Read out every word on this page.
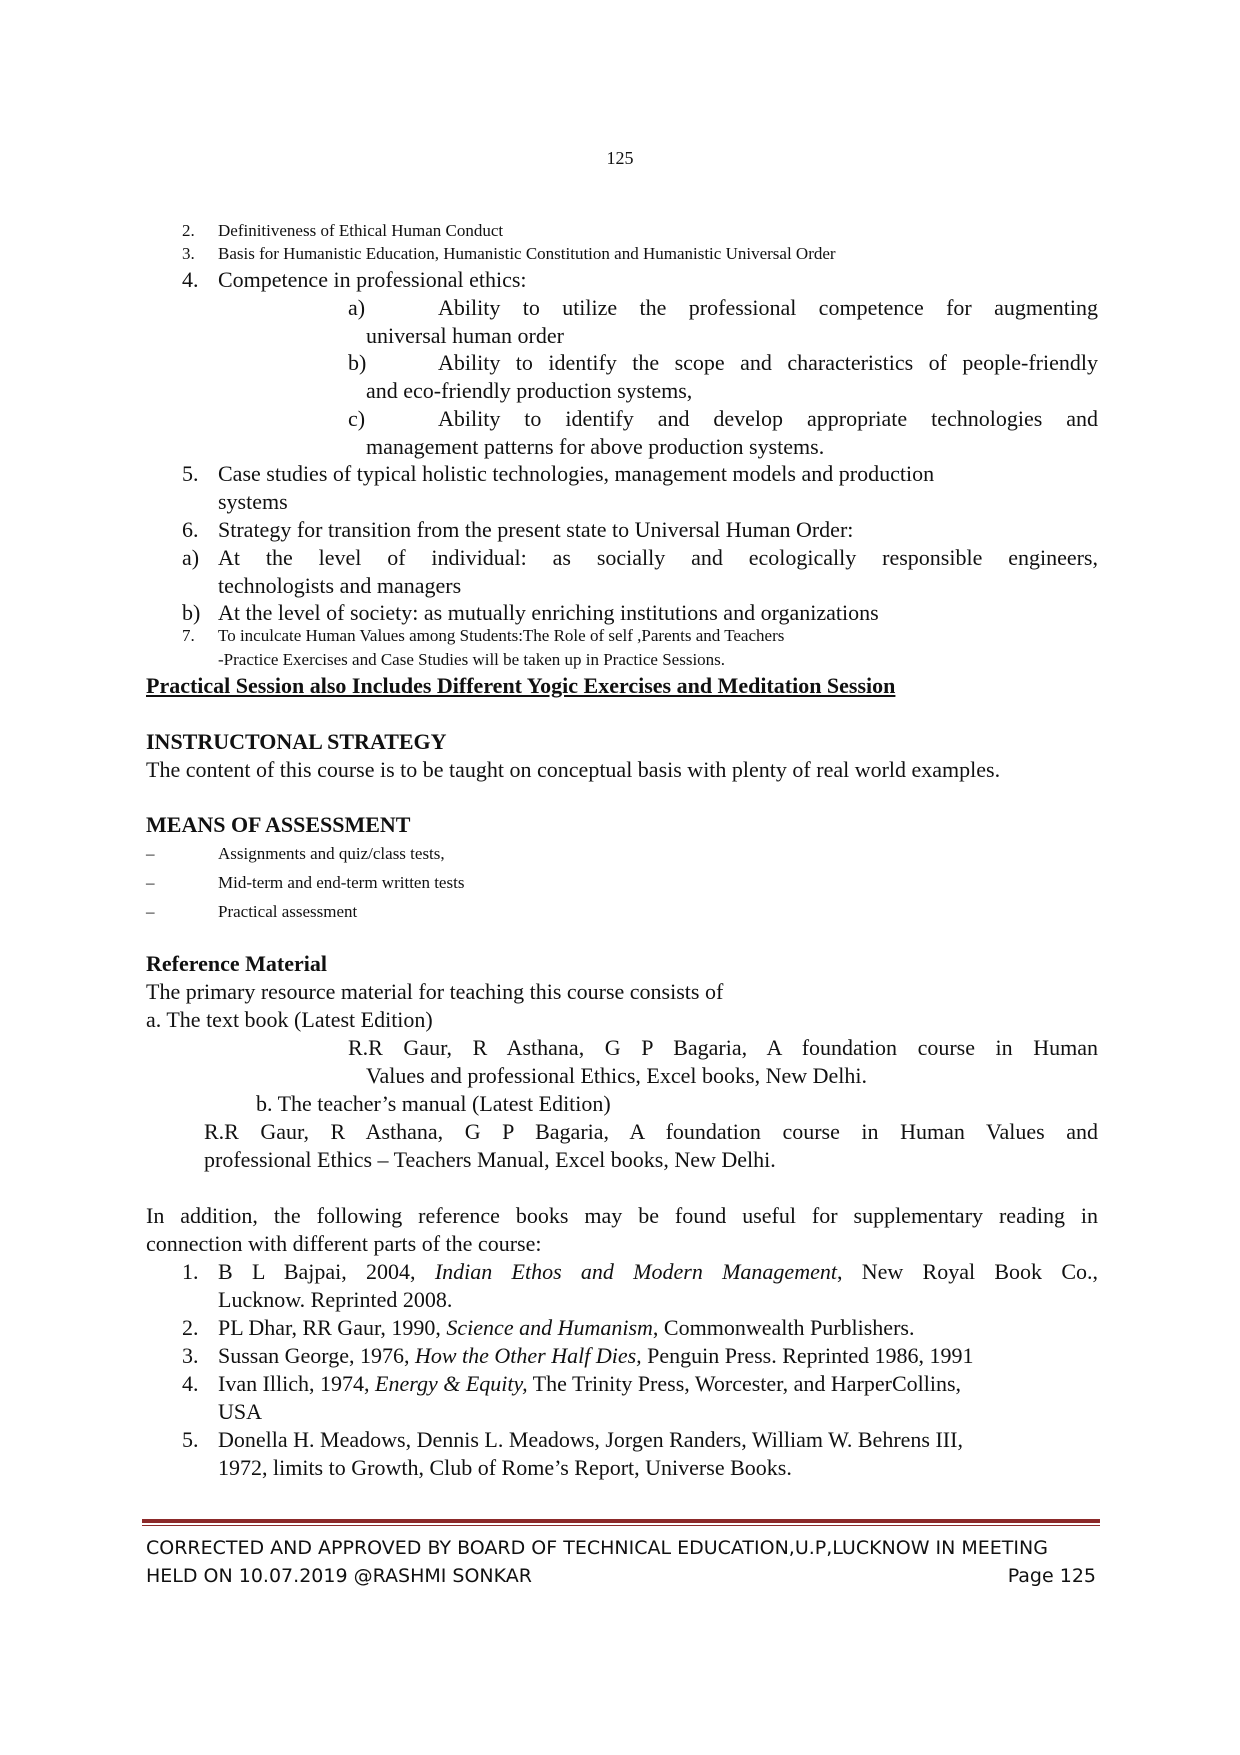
125
2. Definitiveness of Ethical Human Conduct
3. Basis for Humanistic Education, Humanistic Constitution and Humanistic Universal Order
4. Competence in professional ethics:
a)	Ability to utilize the professional competence for augmenting
universal human order
b)	Ability to identify the scope and characteristics of people-friendly
and eco-friendly production systems,
c)	Ability to identify and develop appropriate technologies and
management patterns for above production systems.
5. Case studies of typical holistic technologies, management models and production
systems
6. Strategy for transition from the present state to Universal Human Order:
a) At the level of individual: as socially and ecologically responsible engineers,
technologists and managers
b) At the level of society: as mutually enriching institutions and organizations
7. To inculcate Human Values among Students:The Role of self ,Parents and Teachers
-Practice Exercises and Case Studies will be taken up in Practice Sessions.
Practical Session also Includes Different Yogic Exercises and Meditation Session
INSTRUCTONAL STRATEGY
The content of this course is to be taught on conceptual basis with plenty of real world examples.
MEANS OF ASSESSMENT
–	Assignments and quiz/class tests,
–	Mid-term and end-term written tests
–	Practical assessment
Reference Material
The primary resource material for teaching this course consists of
a. The text book (Latest Edition)
R.R Gaur, R Asthana, G P Bagaria, A foundation course in Human
Values and professional Ethics, Excel books, New Delhi.
b. The teacher’s manual (Latest Edition)
R.R Gaur, R Asthana, G P Bagaria, A foundation course in Human Values and
professional Ethics – Teachers Manual, Excel books, New Delhi.
In addition, the following reference books may be found useful for supplementary reading in
connection with different parts of the course:
1. B L Bajpai, 2004, Indian Ethos and Modern Management, New Royal Book Co.,
Lucknow. Reprinted 2008.
2. PL Dhar, RR Gaur, 1990, Science and Humanism, Commonwealth Purblishers.
3. Sussan George, 1976, How the Other Half Dies, Penguin Press. Reprinted 1986, 1991
4. Ivan Illich, 1974, Energy & Equity, The Trinity Press, Worcester, and HarperCollins,
USA
5. Donella H. Meadows, Dennis L. Meadows, Jorgen Randers, William W. Behrens III,
1972, limits to Growth, Club of Rome’s Report, Universe Books.
CORRECTED AND APPROVED BY BOARD OF TECHNICAL EDUCATION,U.P,LUCKNOW IN MEETING
HELD ON 10.07.2019 @RASHMI SONKAR	Page 125
